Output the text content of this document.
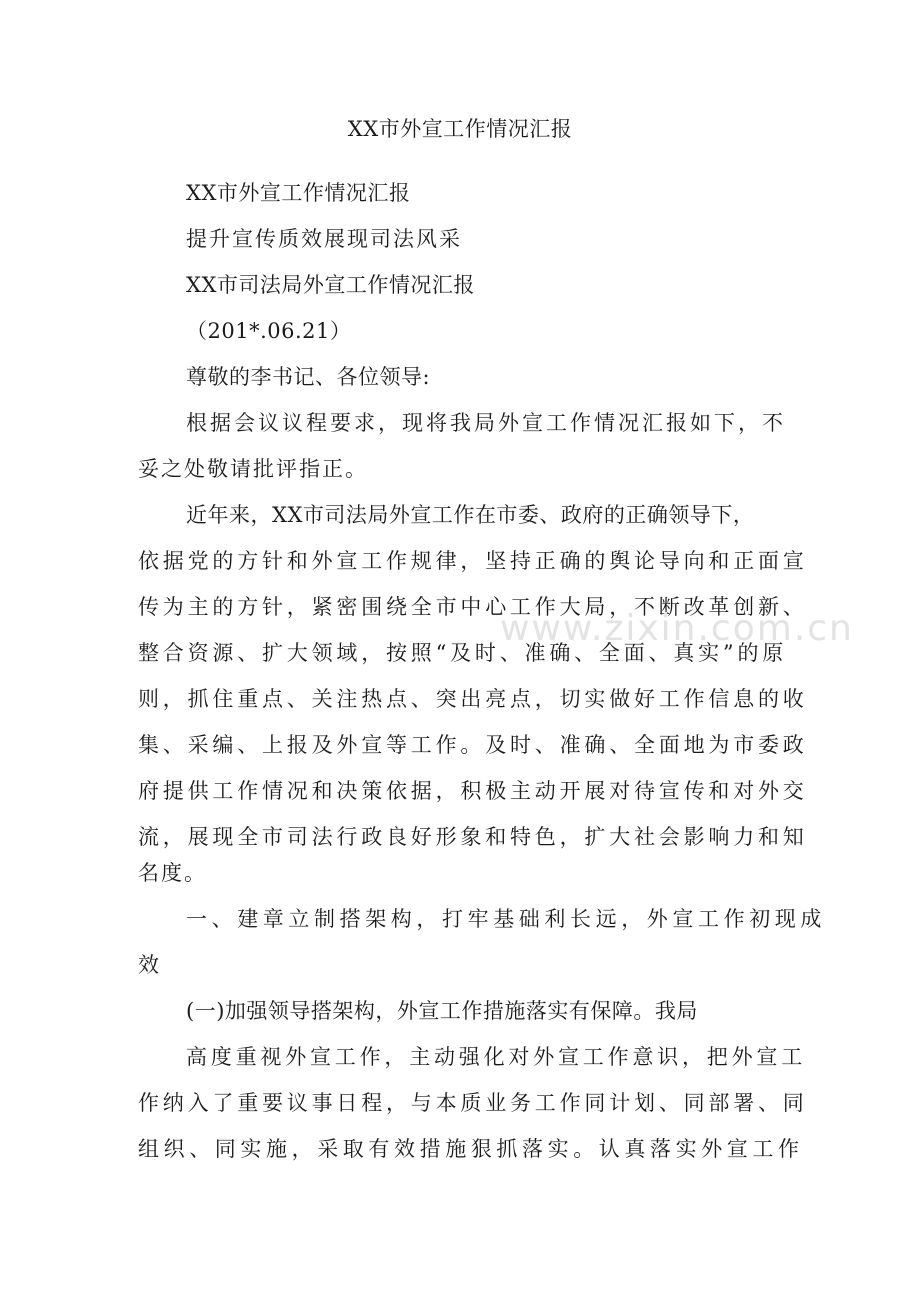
XX市外宣工作情况汇报
XX市外宣工作情况汇报
提升宣传质效展现司法风采
XX市司法局外宣工作情况汇报
（201*.06.21）
尊敬的李书记、各位领导:
根据会议议程要求，现将我局外宣工作情况汇报如下，不
妥之处敬请批评指正。
近年来，XX市司法局外宣工作在市委、政府的正确领导下，
依据党的方针和外宣工作规律，坚持正确的舆论导向和正面宣
传为主的方针，紧密围绕全市中心工作大局，不断改革创新、
整合资源、扩大领域，按照“及时、准确、全面、真实”的原
则，抓住重点、关注热点、突出亮点，切实做好工作信息的收
集、采编、上报及外宣等工作。及时、准确、全面地为市委政
府提供工作情况和决策依据，积极主动开展对待宣传和对外交
流，展现全市司法行政良好形象和特色，扩大社会影响力和知
名度。
一、建章立制搭架构，打牢基础利长远，外宣工作初现成
效
(一)加强领导搭架构，外宣工作措施落实有保障。我局
高度重视外宣工作，主动强化对外宣工作意识，把外宣工
作纳入了重要议事日程，与本质业务工作同计划、同部署、同
组织、同实施，采取有效措施狠抓落实。认真落实外宣工作
www.zixin.com.cn
